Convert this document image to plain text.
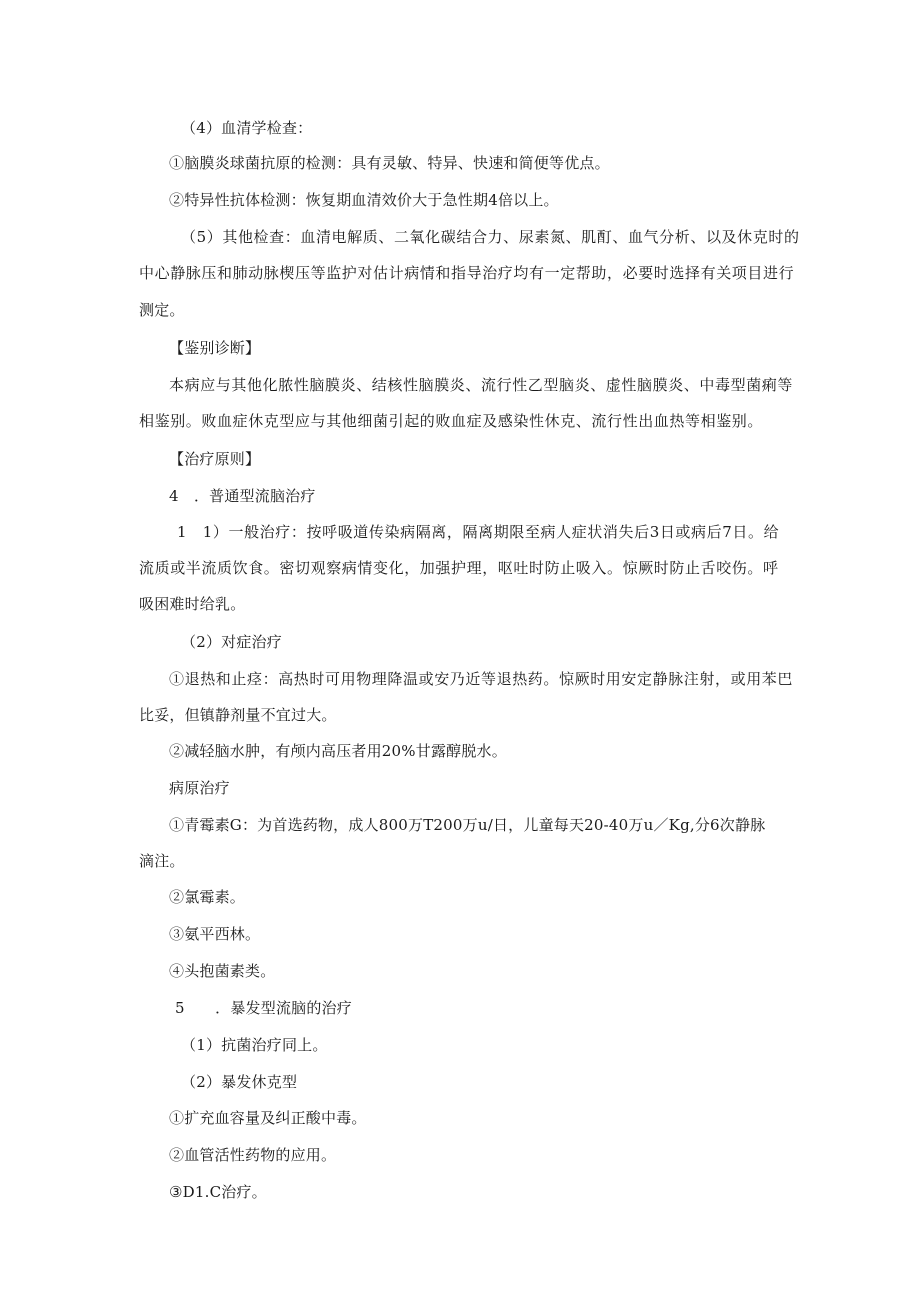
（4）血清学检查：
①脑膜炎球菌抗原的检测：具有灵敏、特异、快速和简便等优点。
②特异性抗体检测：恢复期血清效价大于急性期4倍以上。
（5）其他检查：血清电解质、二氧化碳结合力、尿素氮、肌酊、血气分析、以及休克时的
中心静脉压和肺动脉楔压等监护对估计病情和指导治疗均有一定帮助，必要时选择有关项目进行
测定。
【鉴别诊断】
本病应与其他化脓性脑膜炎、结核性脑膜炎、流行性乙型脑炎、虚性脑膜炎、中毒型菌痢等
相鉴别。败血症休克型应与其他细菌引起的败血症及感染性休克、流行性出血热等相鉴别。
【治疗原则】
4　．普通型流脑治疗
1　1）一般治疗：按呼吸道传染病隔离，隔离期限至病人症状消失后3日或病后7日。给
流质或半流质饮食。密切观察病情变化，加强护理，呕吐时防止吸入。惊厥时防止舌咬伤。呼
吸困难时给乳。
（2）对症治疗
①退热和止痉：高热时可用物理降温或安乃近等退热药。惊厥时用安定静脉注射，或用苯巴
比妥，但镇静剂量不宜过大。
②减轻脑水肿，有颅内高压者用20%甘露醇脱水。
病原治疗
①青霉素G：为首选药物，成人800万T200万u/日，儿童每天20-40万u／Kg,分6次静脉
滴注。
②氯霉素。
③氨平西林。
④头抱菌素类。
5　　．暴发型流脑的治疗
（1）抗菌治疗同上。
（2）暴发休克型
①扩充血容量及纠正酸中毒。
②血管活性药物的应用。
③D1.C治疗。
